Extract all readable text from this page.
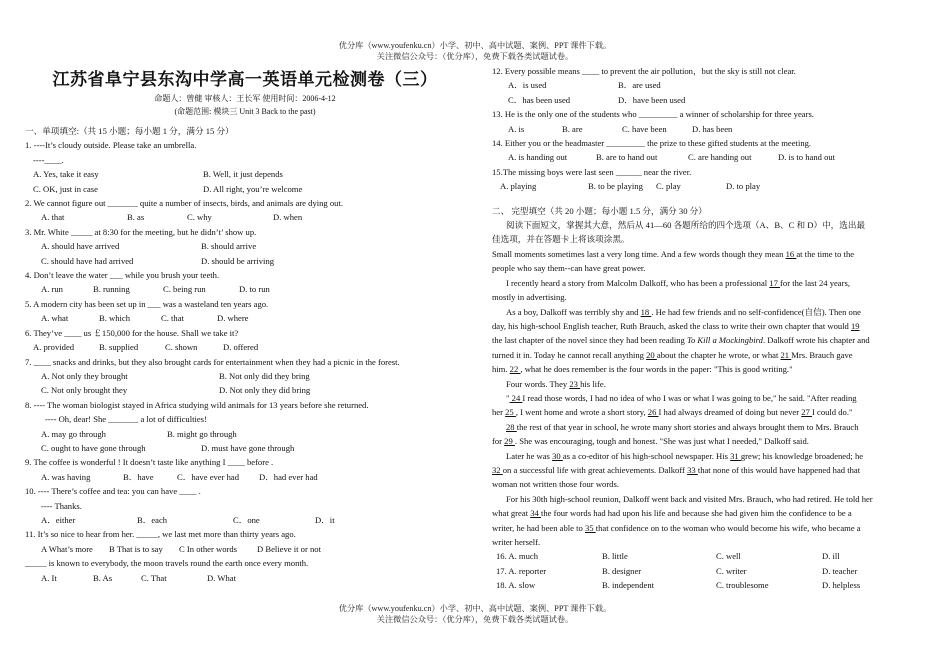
优分库（www.youfenku.cn）小学、初中、高中试题、案例、PPT 课件下载。
关注微信公众号：（优分库），免费下载各类试题试卷。
江苏省阜宁县东沟中学高一英语单元检测卷（三）
命题人：曾健 审核人：王长军 使用时间：2006-4-12
(命题范围: 模块三 Unit 3 Back to the past)
一、单项填空:（共 15 小题；每小题 1 分，满分 15 分）
1. ----It’s cloudy outside. Please take an umbrella.
----____.
A. Yes, take it easy	B. Well, it just depends
C. OK, just in case	D. All right, you’re welcome
2. We cannot figure out _______ quite a number of insects, birds, and animals are dying out.
A. that	B. as	C. why	D. when
3. Mr. White _____ at 8:30 for the meeting, but he didn’t’ show up.
A. should have arrived	B. should arrive
C. should have had arrived	D. should be arriving
4. Don’t leave the water ___ while you brush your teeth.
A. run	B. running	C. being run	D. to run
5. A modern city has been set up in ___ was a wasteland ten years ago.
A. what	B. which	C. that	D. where
6. They’ve ____ us ￡150,000 for the house. Shall we take it?
A. provided	B. supplied	C. shown	D. offered
7. ____ snacks and drinks, but they also brought cards for entertainment when they had a picnic in the forest.
A. Not only they brought	B. Not only did they bring
C. Not only brought they	D. Not only they did bring
8. ---- The woman biologist stayed in Africa studying wild animals for 13 years before she returned.
---- Oh, dear! She _______ a lot of difficulties!
A. may go through	B. might go through
C. ought to have gone through	D. must have gone through
9. The coffee is wonderful ! It doesn’t taste like anything I ____ before .
A. was having	B．have	C．have ever had	D．had ever had
10. ---- There’s coffee and tea: you can have ____ .
---- Thanks.
A．either	B．each	C．one	D．it
11. It’s so nice to hear from her. _____, we last met more than thirty years ago.
A What’s more	B That is to say	C In other words	D Believe it or not
_____ is known to everybody, the moon travels round the earth once every month.
A. It	B. As	C. That	D. What
12. Every possible means ____ to prevent the air pollution，but the sky is still not clear.
A．is used	B．are used
C．has been used	D．have been used
13. He is the only one of the students who _________ a winner of scholarship for three years.
A. is	B. are	C. have been	D. has been
14. Either you or the headmaster _________ the prize to these gifted students at the meeting.
A. is handing out	B. are to hand out	C. are handing out	D. is to hand out
15.The missing boys were last seen ______ near the river.
A. playing	B. to be playing	C. play	D. to play
二、 完型填空（共 20 小题；每小题 1.5 分，满分 30 分）
阅读下面短文，掌握其大意，然后从 41—60 各题所给的四个选项（A、B、C 和 D）中，选出最
佳选项，并在答题卡上将该项涂黑。
Small moments sometimes last a very long time. And a few words though they mean 16 at the time to the
people who say them--can have great power.
I recently heard a story from Malcolm Dalkoff, who has been a professional 17 for the last 24 years,
mostly in advertising.
As a boy, Dalkoff was terribly shy and 18 . He had few friends and no self-confidence(自信). Then one
day, his high-school English teacher, Ruth Brauch, asked the class to write their own chapter that would 19
the last chapter of the novel since they had been reading To Kill a Mockingbird. Dalkoff wrote his chapter and
turned it in. Today he cannot recall anything 20 about the chapter he wrote, or what 21 Mrs. Brauch gave
him. 22 , what he does remember is the four words in the paper: "This is good writing."
Four words. They 23 his life.
" 24 I read those words, I had no idea of who I was or what I was going to be," he said. "After reading
her 25 , I went home and wrote a short story, 26 I had always dreamed of doing but never 27 I could do."
28 the rest of that year in school, he wrote many short stories and always brought them to Mrs. Brauch
for 29 . She was encouraging, tough and honest. "She was just what I needed," Dalkoff said.
Later he was 30 as a co-editor of his high-school newspaper. His 31 grew; his knowledge broadened; he
32 on a successful life with great achievements. Dalkoff 33 that none of this would have happened had that
woman not written those four words.
For his 30th high-school reunion, Dalkoff went back and visited Mrs. Brauch, who had retired. He told her
what great 34 the four words had had upon his life and because she had given him the confidence to be a
writer, he had been able to 35 that confidence on to the woman who would become his wife, who became a
writer herself.
16. A. much	B. little	C. well	D. ill
17. A. reporter	B. designer	C. writer	D. teacher
18. A. slow	B. independent	C. troublesome	D. helpless
优分库（www.youfenku.cn）小学、初中、高中试题、案例、PPT 课件下载。
关注微信公众号：（优分库），免费下载各类试题试卷。
